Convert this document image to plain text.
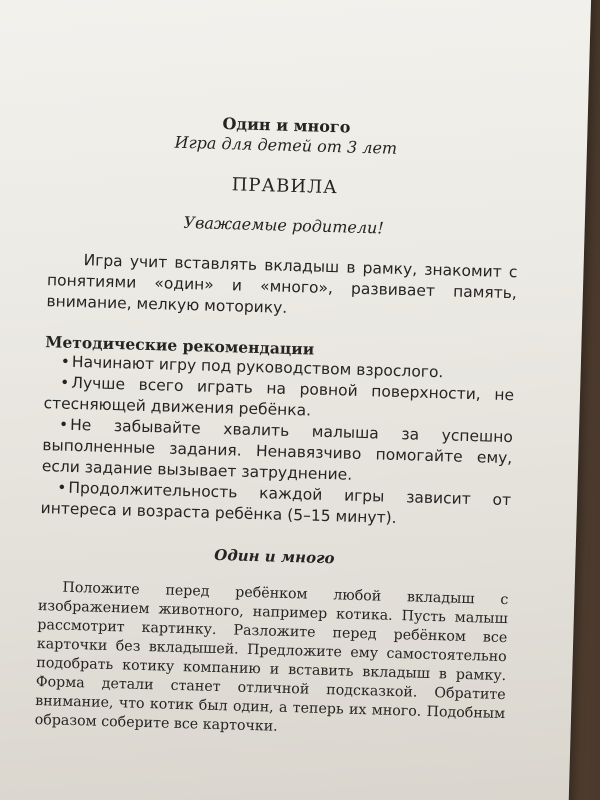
Один и много

Игра для детей от 3 лет

ПРАВИЛА

Уважаемые родители!

Игра учит вставлять вкладыш в рамку, знакомит с понятиями «один» и «много», развивает память, внимание, мелкую моторику.

Методические рекомендации

• Начинают игру под руководством взрослого.
• Лучше всего играть на ровной поверхности, не стесняющей движения ребёнка.
• Не забывайте хвалить малыша за успешно выполненные задания. Ненавязчиво помогайте ему, если задание вызывает затруднение.
• Продолжительность каждой игры зависит от интереса и возраста ребёнка (5–15 минут).

Один и много

Положите перед ребёнком любой вкладыш с изображением животного, например котика. Пусть малыш рассмотрит картинку. Разложите перед ребёнком все карточки без вкладышей. Предложите ему самостоятельно подобрать котику компанию и вставить вкладыш в рамку. Форма детали станет отличной подсказкой. Обратите внимание, что котик был один, а теперь их много. Подобным образом соберите все карточки.
